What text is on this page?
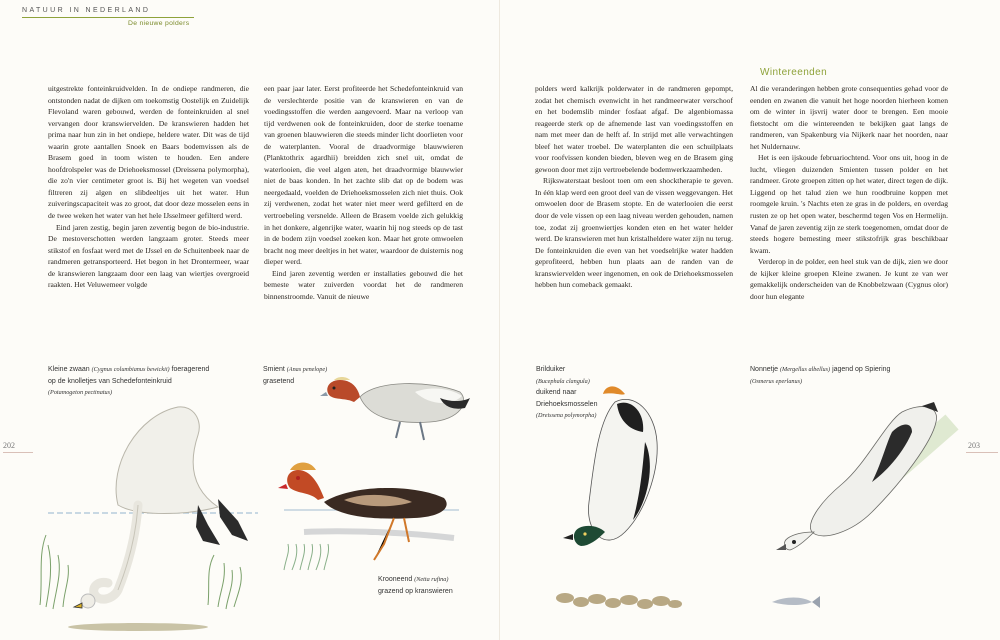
NATUUR IN NEDERLAND
De nieuwe polders

uitgestrekte fonteinkruidvelden. In de ondiepe randmeren, die ontstonden nadat de dijken om toekomstig Oostelijk en Zuidelijk Flevoland waren gebouwd, werden de fonteinkruiden al snel vervangen door kranswiervelden. De kranswieren hadden het prima naar hun zin in het ondiepe, heldere water. Dit was de tijd waarin grote aantallen Snoek en Baars bodemvissen als de Brasem goed in toom wisten te houden. Een andere hoofdrolspeler was de Driehoeksmossel (Dreissena polymorpha), die zo'n vier centimeter groot is. Bij het wegeten van voedsel filtreren zij algen en slibdeeltjes uit het water. Hun zuiveringscapaciteit was zo groot, dat door deze mosselen eens in de twee weken het water van het hele IJsselmeer gefilterd werd.

Eind jaren zestig, begin jaren zeventig begon de bio-industrie. De mestoverschotten werden langzaam groter. Steeds meer stikstof en fosfaat werd met de IJssel en de Schuitenbeek naar de randmeren getransporteerd. Het begon in het Drontermeer, waar de kranswieren langzaam door een laag van wiertjes overgroeid raakten. Het Veluwemeer volgde

een paar jaar later. Eerst profiteerde het Schedefonteinkruid van de verslechterde positie van de kranswieren en van de voedingsstoffen die werden aangevoerd. Maar na verloop van tijd verdwenen ook de fonteinkruiden, door de sterke toename van groenen blauwwieren die steeds minder licht doorlieten voor de waterplanten. Vooral de draadvormige blauwwieren (Planktothrix agardhii) breidden zich snel uit, omdat de waterlooien, die veel algen aten, het draadvormige blauwwier niet de baas konden. In het zachte slib dat op de bodem was neergedaald, voelden de Driehoeksmosselen zich niet thuis. Ook zij verdwenen, zodat het water niet meer werd gefilterd en de vertroebeling versnelde. Alleen de Brasem voelde zich gelukkig in het donkere, algenrijke water, waarin hij nog steeds op de tast in de bodem zijn voedsel zoeken kon. Maar het grote omwoelen bracht nog meer deeltjes in het water, waardoor de duisternis nog dieper werd.

Eind jaren zeventig werden er installaties gebouwd die het bemeste water zuiverden voordat het de randmeren binnenstroomde. Vanuit de nieuwe

polders werd kalkrijk polderwater in de randmeren gepompt, zodat het chemisch evenwicht in het randmeerwater verschoof en het bodemslib minder fosfaat afgaf. De algenbiomassa reageerde sterk op de afnemende last van voedingsstoffen en nam met meer dan de helft af. In strijd met alle verwachtingen bleef het water troebel. De waterplanten die een schuilplaats voor roofvissen konden bieden, bleven weg en de Brasem ging gewoon door met zijn vertroebelende bodemwerkzaamheden.

Rijkswaterstaat besloot toen om een shocktherapie te geven. In één klap werd een groot deel van de vissen weggevangen. Het omwoelen door de Brasem stopte. En de waterlooien die eerst door de vele vissen op een laag niveau werden gehouden, namen toe, zodat zij groenwiertjes konden eten en het water helder werd. De kranswieren met hun kristalheldere water zijn nu terug. De fonteinkruiden die even van het voedselrijke water hadden geprofiteerd, hebben hun plaats aan de randen van de kranswiervelden weer ingenomen, en ook de Driehoeksmosselen hebben hun comeback gemaakt.

Wintereenden

Al die veranderingen hebben grote consequenties gehad voor de eenden en zwanen die vanuit het hoge noorden hierheen komen om de winter in ijsvrij water door te brengen. Een mooie fietstocht om die wintereenden te bekijken gaat langs de randmeren, van Spakenburg via Nijkerk naar het noorden, naar het Nuldernauw.

Het is een ijskoude februariochtend. Voor ons uit, hoog in de lucht, vliegen duizenden Smienten tussen polder en het randmeer. Grote groepen zitten op het water, direct tegen de dijk. Liggend op het talud zien we hun roodbruine koppen met roomgele kruin. 's Nachts eten ze gras in de polders, en overdag rusten ze op het open water, beschermd tegen Vos en Hermelijn. Vanaf de jaren zeventig zijn ze sterk toegenomen, omdat door de steeds hogere bemesting meer stikstofrijk gras beschikbaar kwam.

Verderop in de polder, een heel stuk van de dijk, zien we door de kijker kleine groepen Kleine zwanen. Je kunt ze van wer gemakkelijk onderscheiden van de Knobbelzwaan (Cygnus olor) door hun elegante

202	203
Kleine zwaan (Cygnus columbianus bewickii) foeragerend
op de knolletjes van Schedefonteinkruid
(Potamogeton pectinatus)
Smient (Anas penelope)
grasetend
Krooneend (Netta rufina)
grazend op kranswieren
Brilduiker
(Bucephala clangula)
duikend naar
Driehoeksmosselen
(Dreissena polymorpha)
Nonnetje (Mergellus albellus) jagend op Spiering
(Osmerus eperlanus)
